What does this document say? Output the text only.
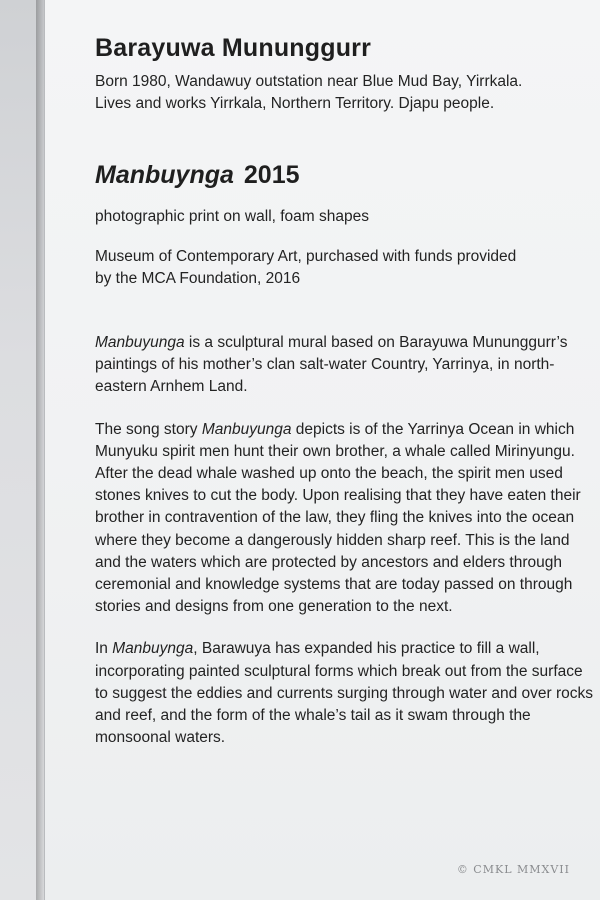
Barayuwa Mununggurr

Born 1980, Wandawuy outstation near Blue Mud Bay, Yirrkala.
Lives and works Yirrkala, Northern Territory. Djapu people.

Manbuynga 2015

photographic print on wall, foam shapes

Museum of Contemporary Art, purchased with funds provided
by the MCA Foundation, 2016

Manbuyunga is a sculptural mural based on Barayuwa Mununggurr’s paintings of his mother’s clan salt-water Country, Yarrinya, in north-eastern Arnhem Land.

The song story Manbuyunga depicts is of the Yarrinya Ocean in which Munyuku spirit men hunt their own brother, a whale called Mirinyungu. After the dead whale washed up onto the beach, the spirit men used stones knives to cut the body. Upon realising that they have eaten their brother in contravention of the law, they fling the knives into the ocean where they become a dangerously hidden sharp reef. This is the land and the waters which are protected by ancestors and elders through ceremonial and knowledge systems that are today passed on through stories and designs from one generation to the next.

In Manbuynga, Barawuya has expanded his practice to fill a wall, incorporating painted sculptural forms which break out from the surface to suggest the eddies and currents surging through water and over rocks and reef, and the form of the whale’s tail as it swam through the monsoonal waters.

© CMKL MMXVII
